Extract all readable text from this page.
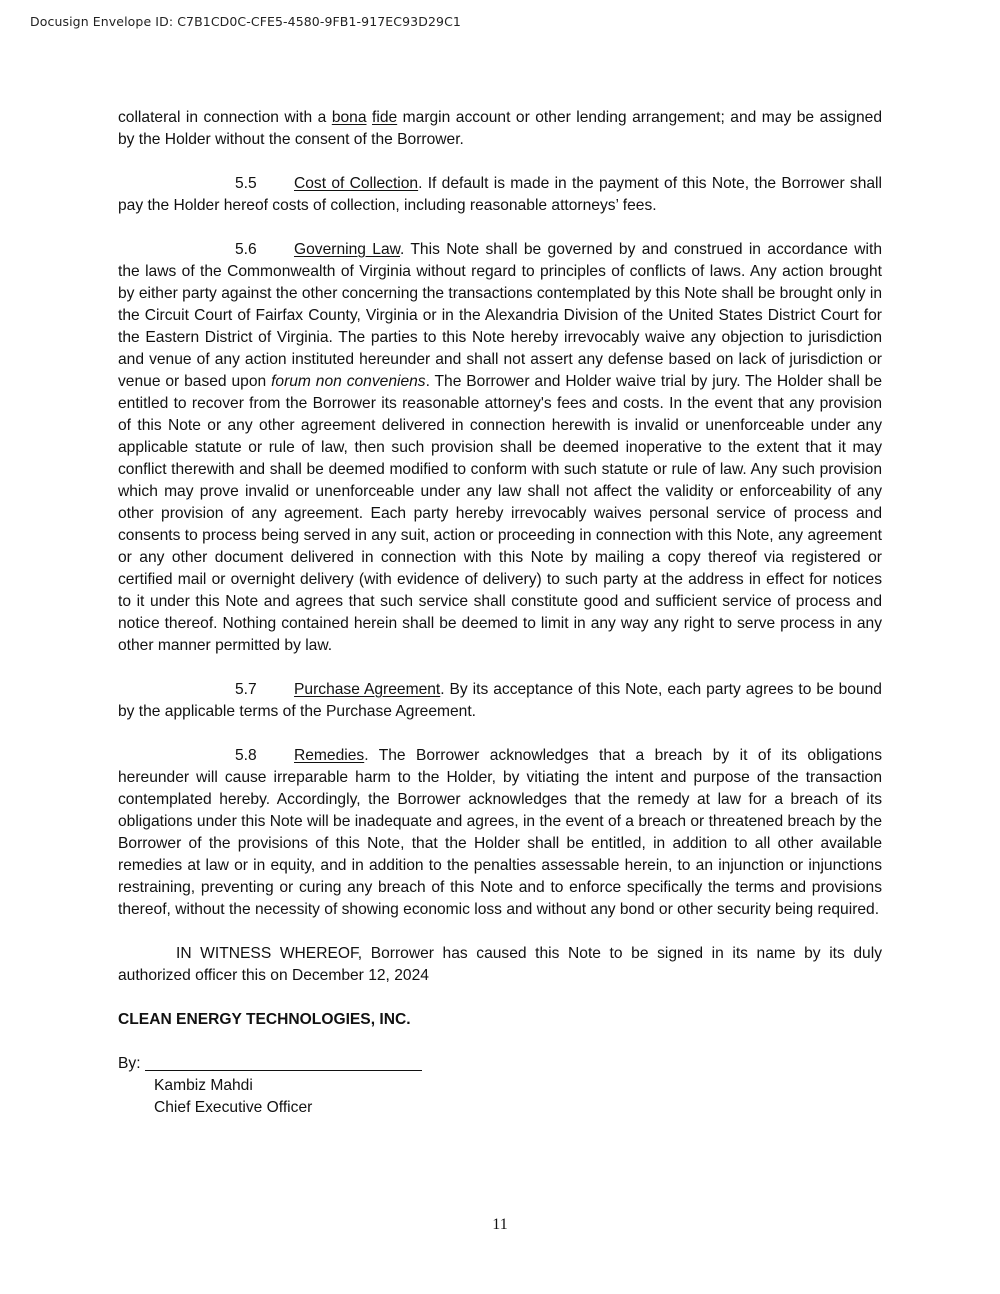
Docusign Envelope ID: C7B1CD0C-CFE5-4580-9FB1-917EC93D29C1

collateral in connection with a bona fide margin account or other lending arrangement; and may be assigned by the Holder without the consent of the Borrower.

5.5 Cost of Collection. If default is made in the payment of this Note, the Borrower shall pay the Holder hereof costs of collection, including reasonable attorneys’ fees.

5.6 Governing Law. This Note shall be governed by and construed in accordance with the laws of the Commonwealth of Virginia without regard to principles of conflicts of laws. Any action brought by either party against the other concerning the transactions contemplated by this Note shall be brought only in the Circuit Court of Fairfax County, Virginia or in the Alexandria Division of the United States District Court for the Eastern District of Virginia. The parties to this Note hereby irrevocably waive any objection to jurisdiction and venue of any action instituted hereunder and shall not assert any defense based on lack of jurisdiction or venue or based upon forum non conveniens. The Borrower and Holder waive trial by jury. The Holder shall be entitled to recover from the Borrower its reasonable attorney's fees and costs. In the event that any provision of this Note or any other agreement delivered in connection herewith is invalid or unenforceable under any applicable statute or rule of law, then such provision shall be deemed inoperative to the extent that it may conflict therewith and shall be deemed modified to conform with such statute or rule of law. Any such provision which may prove invalid or unenforceable under any law shall not affect the validity or enforceability of any other provision of any agreement. Each party hereby irrevocably waives personal service of process and consents to process being served in any suit, action or proceeding in connection with this Note, any agreement or any other document delivered in connection with this Note by mailing a copy thereof via registered or certified mail or overnight delivery (with evidence of delivery) to such party at the address in effect for notices to it under this Note and agrees that such service shall constitute good and sufficient service of process and notice thereof. Nothing contained herein shall be deemed to limit in any way any right to serve process in any other manner permitted by law.

5.7 Purchase Agreement. By its acceptance of this Note, each party agrees to be bound by the applicable terms of the Purchase Agreement.

5.8 Remedies. The Borrower acknowledges that a breach by it of its obligations hereunder will cause irreparable harm to the Holder, by vitiating the intent and purpose of the transaction contemplated hereby. Accordingly, the Borrower acknowledges that the remedy at law for a breach of its obligations under this Note will be inadequate and agrees, in the event of a breach or threatened breach by the Borrower of the provisions of this Note, that the Holder shall be entitled, in addition to all other available remedies at law or in equity, and in addition to the penalties assessable herein, to an injunction or injunctions restraining, preventing or curing any breach of this Note and to enforce specifically the terms and provisions thereof, without the necessity of showing economic loss and without any bond or other security being required.

IN WITNESS WHEREOF, Borrower has caused this Note to be signed in its name by its duly authorized officer this on December 12, 2024

CLEAN ENERGY TECHNOLOGIES, INC.

By:

Kambiz Mahdi

Chief Executive Officer

11
